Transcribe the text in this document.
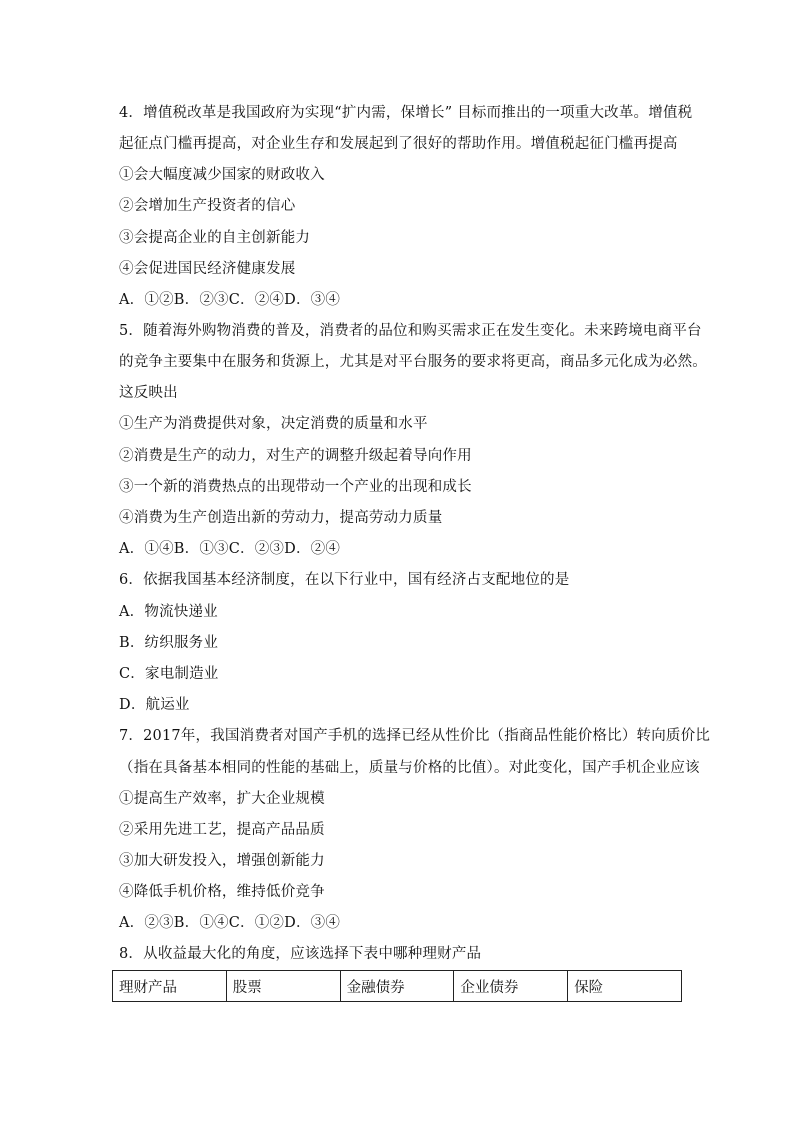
4．增值税改革是我国政府为实现“扩内需，保增长” 目标而推出的一项重大改革。增值税
起征点门槛再提高，对企业生存和发展起到了很好的帮助作用。增值税起征门槛再提高
①会大幅度减少国家的财政收入
②会增加生产投资者的信心
③会提高企业的自主创新能力
④会促进国民经济健康发展
A．①②B．②③C．②④D．③④
5．随着海外购物消费的普及，消费者的品位和购买需求正在发生变化。未来跨境电商平台
的竞争主要集中在服务和货源上，尤其是对平台服务的要求将更高，商品多元化成为必然。
这反映出
①生产为消费提供对象，决定消费的质量和水平
②消费是生产的动力，对生产的调整升级起着导向作用
③一个新的消费热点的出现带动一个产业的出现和成长
④消费为生产创造出新的劳动力，提高劳动力质量
A．①④B．①③C．②③D．②④
6．依据我国基本经济制度，在以下行业中，国有经济占支配地位的是
A．物流快递业
B．纺织服务业
C．家电制造业
D．航运业
7．2017年，我国消费者对国产手机的选择已经从性价比（指商品性能价格比）转向质价比
（指在具备基本相同的性能的基础上，质量与价格的比值）。对此变化，国产手机企业应该
①提高生产效率，扩大企业规模
②采用先进工艺，提高产品品质
③加大研发投入，增强创新能力
④降低手机价格，维持低价竞争
A．②③B．①④C．①②D．③④
8．从收益最大化的角度，应该选择下表中哪种理财产品
理财产品	股票	金融债券	企业债券	保险
